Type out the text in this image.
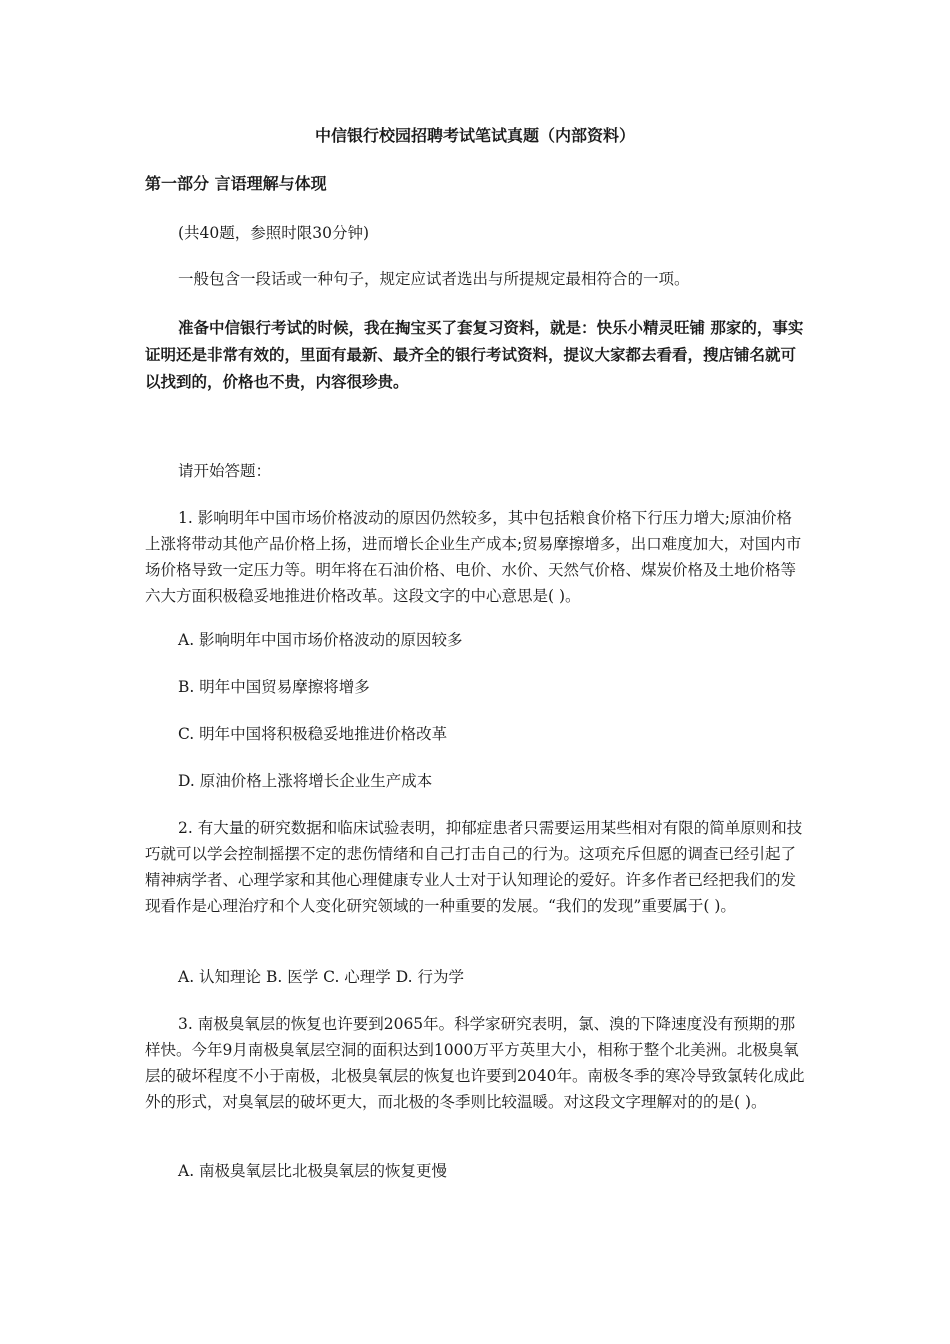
中信银行校园招聘考试笔试真题（内部资料）
第一部分 言语理解与体现

(共40题，参照时限30分钟)

一般包含一段话或一种句子，规定应试者选出与所提规定最相符合的一项。

准备中信银行考试的时候，我在掏宝买了套复习资料，就是：快乐小精灵旺铺 那家的，事实证明还是非常有效的，里面有最新、最齐全的银行考试资料，提议大家都去看看，搜店铺名就可以找到的，价格也不贵，内容很珍贵。

请开始答题：

1. 影响明年中国市场价格波动的原因仍然较多，其中包括粮食价格下行压力增大;原油价格上涨将带动其他产品价格上扬，进而增长企业生产成本;贸易摩擦增多，出口难度加大，对国内市场价格导致一定压力等。明年将在石油价格、电价、水价、天然气价格、煤炭价格及土地价格等六大方面积极稳妥地推进价格改革。这段文字的中心意思是( )。

A. 影响明年中国市场价格波动的原因较多

B. 明年中国贸易摩擦将增多

C. 明年中国将积极稳妥地推进价格改革

D. 原油价格上涨将增长企业生产成本

2. 有大量的研究数据和临床试验表明，抑郁症患者只需要运用某些相对有限的简单原则和技巧就可以学会控制摇摆不定的悲伤情绪和自己打击自己的行为。这项充斥但愿的调查已经引起了精神病学者、心理学家和其他心理健康专业人士对于认知理论的爱好。许多作者已经把我们的发现看作是心理治疗和个人变化研究领域的一种重要的发展。“我们的发现”重要属于( )。

A. 认知理论 B. 医学 C. 心理学 D. 行为学

3. 南极臭氧层的恢复也许要到2065年。科学家研究表明，氯、溴的下降速度没有预期的那样快。今年9月南极臭氧层空洞的面积达到1000万平方英里大小，相称于整个北美洲。北极臭氧层的破坏程度不小于南极，北极臭氧层的恢复也许要到2040年。南极冬季的寒冷导致氯转化成此外的形式，对臭氧层的破坏更大，而北极的冬季则比较温暖。对这段文字理解对的的是( )。

A. 南极臭氧层比北极臭氧层的恢复更慢
